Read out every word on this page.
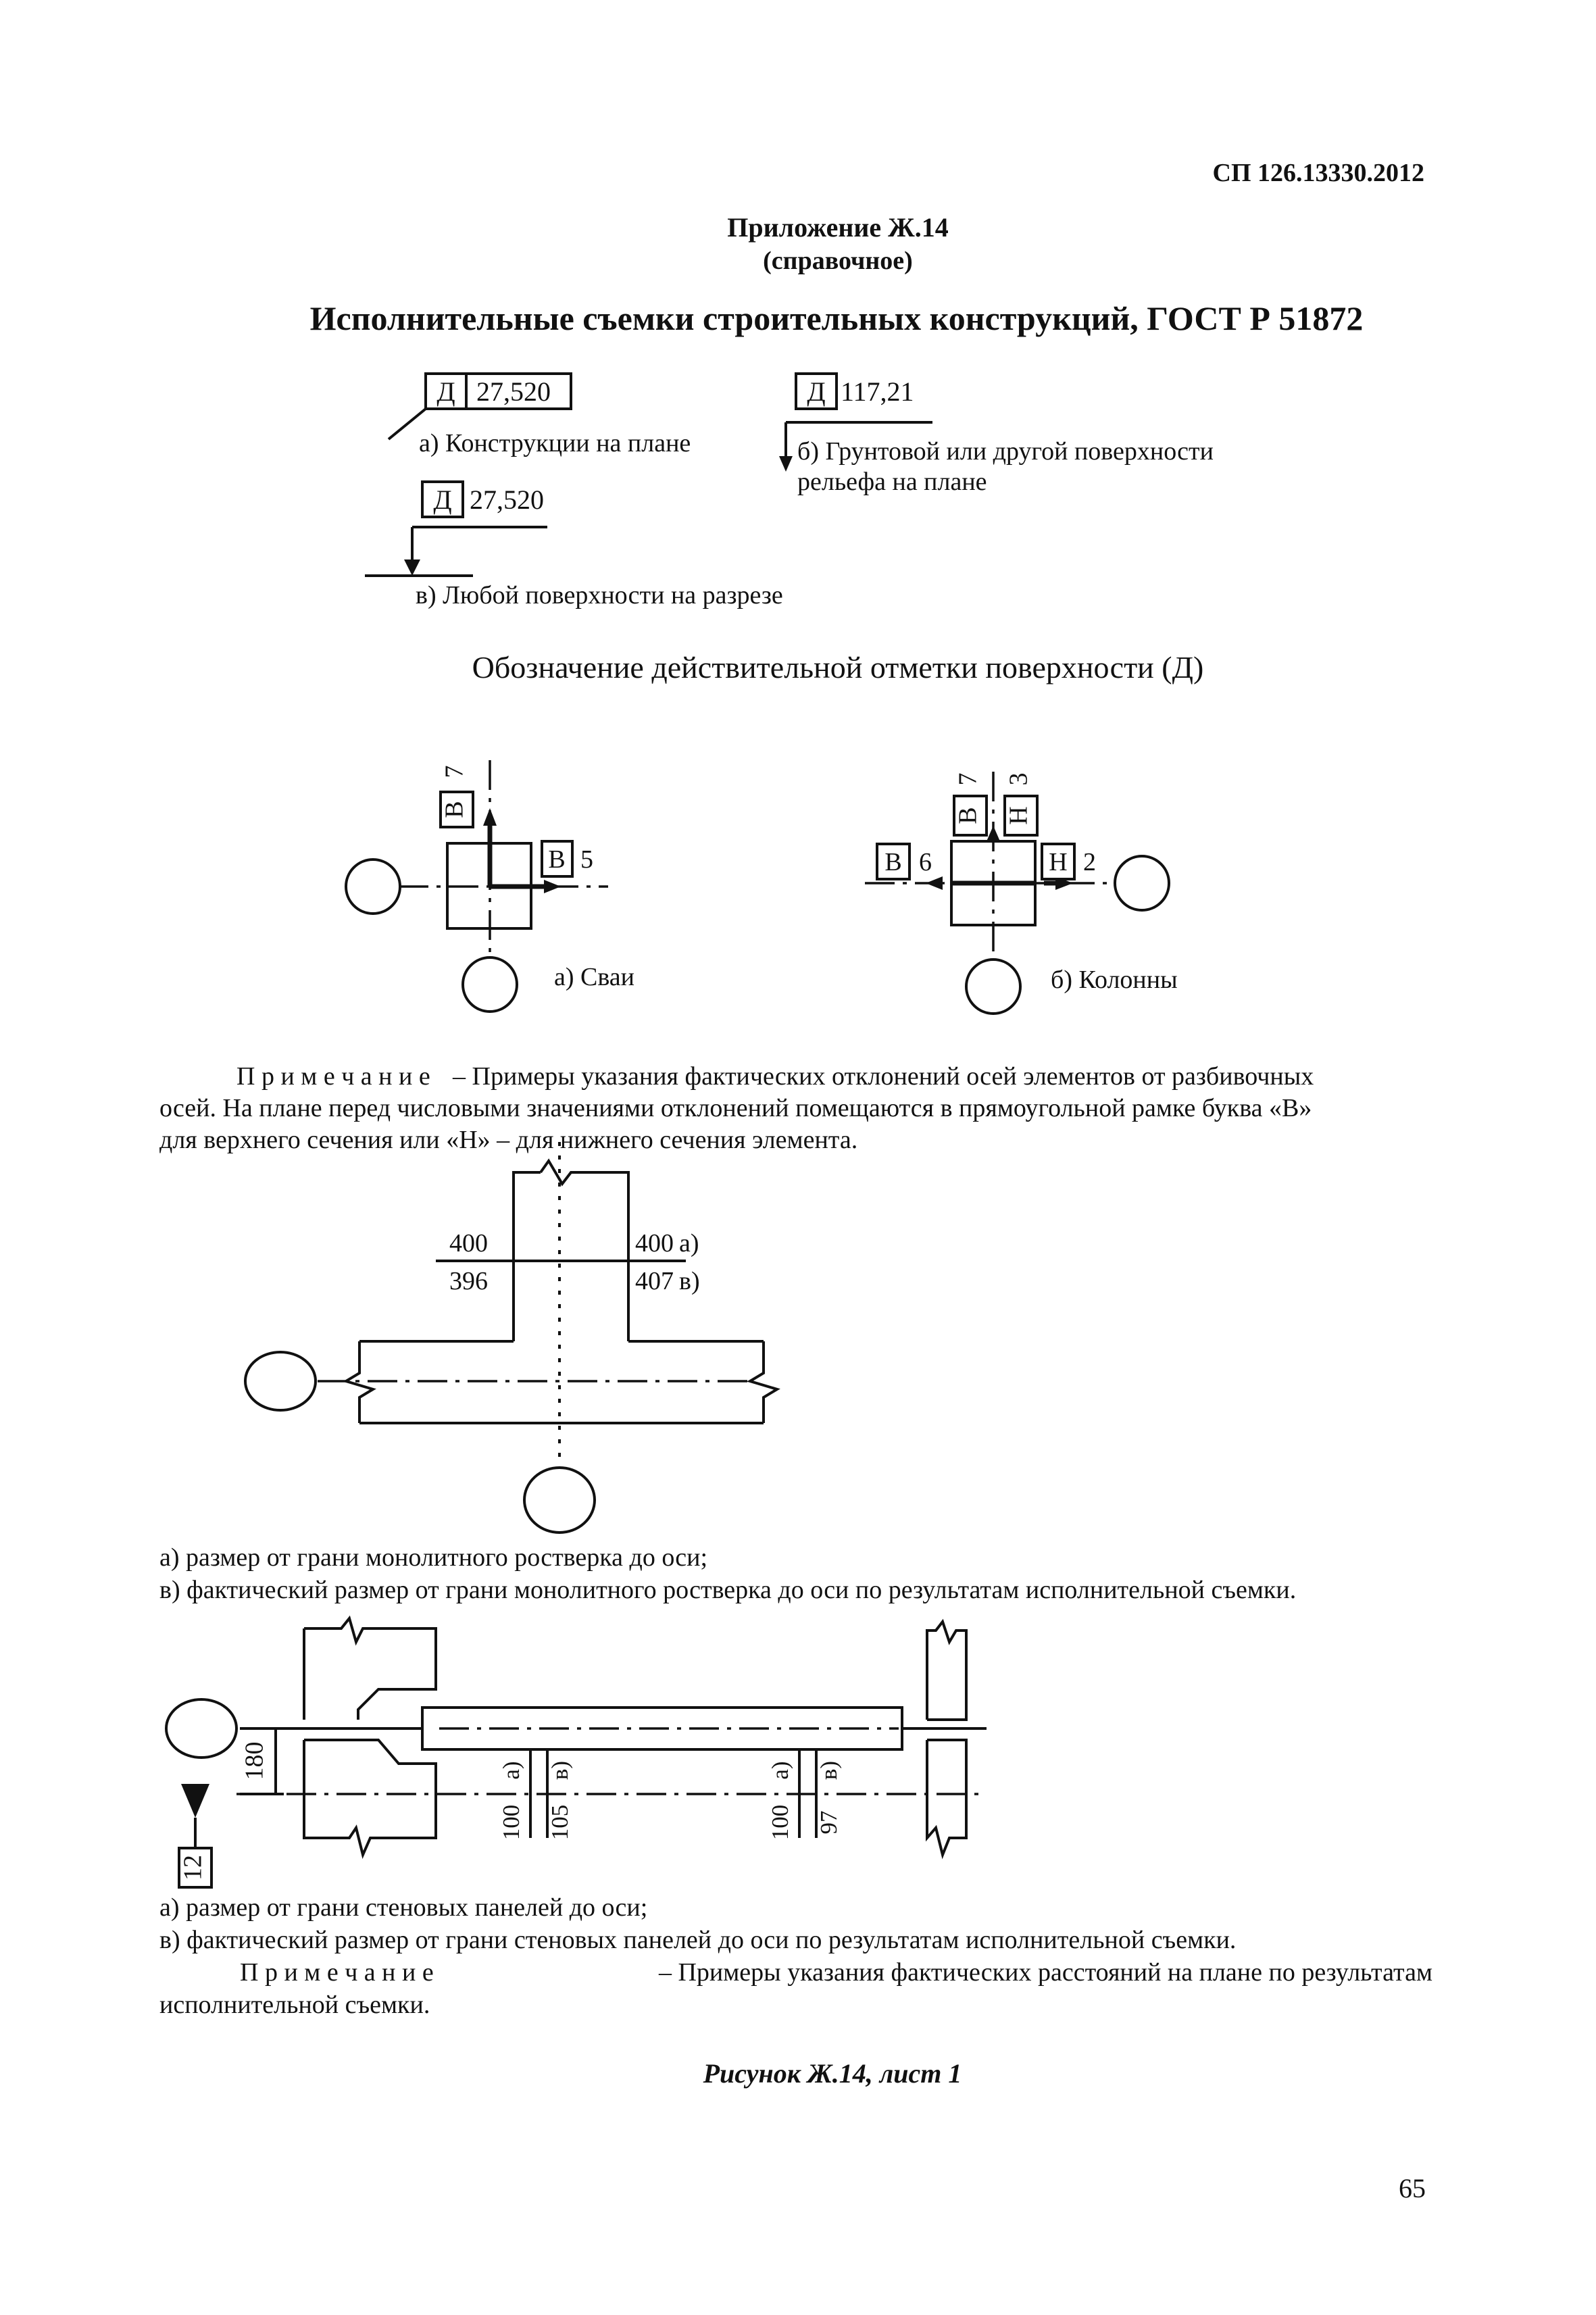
СП 126.13330.2012
Приложение Ж.14
(справочное)
Исполнительные съемки строительных конструкций, ГОСТ Р 51872
Д 27,520
а) Конструкции на плане
Д 117,21
б) Грунтовой или другой поверхности
рельефа на плане
Д 27,520
в) Любой поверхности на разрезе
Обозначение действительной отметки поверхности (Д)
В
7
В 5
а) Сваи
В
7
Н
3
В 6	Н 2
б) Колонны
П р и м е ч а н и е – Примеры указания фактических отклонений осей элементов от разбивочных
осей. На плане перед числовыми значениями отклонений помещаются в прямоугольной рамке буква «В»
для верхнего сечения или «Н» – для нижнего сечения элемента.
400
396
400 а)
407 в)
а) размер от грани монолитного ростверка до оси;
в) фактический размер от грани монолитного ростверка до оси по результатам исполнительной съемки.
180
100
а)
105
в)
100
а)
97
в)
12
а) размер от грани стеновых панелей до оси;
в) фактический размер от грани стеновых панелей до оси по результатам исполнительной съемки.
П р и м е ч а н и е	– Примеры указания фактических расстояний на плане по результатам
исполнительной съемки.
Рисунок Ж.14, лист 1
65
